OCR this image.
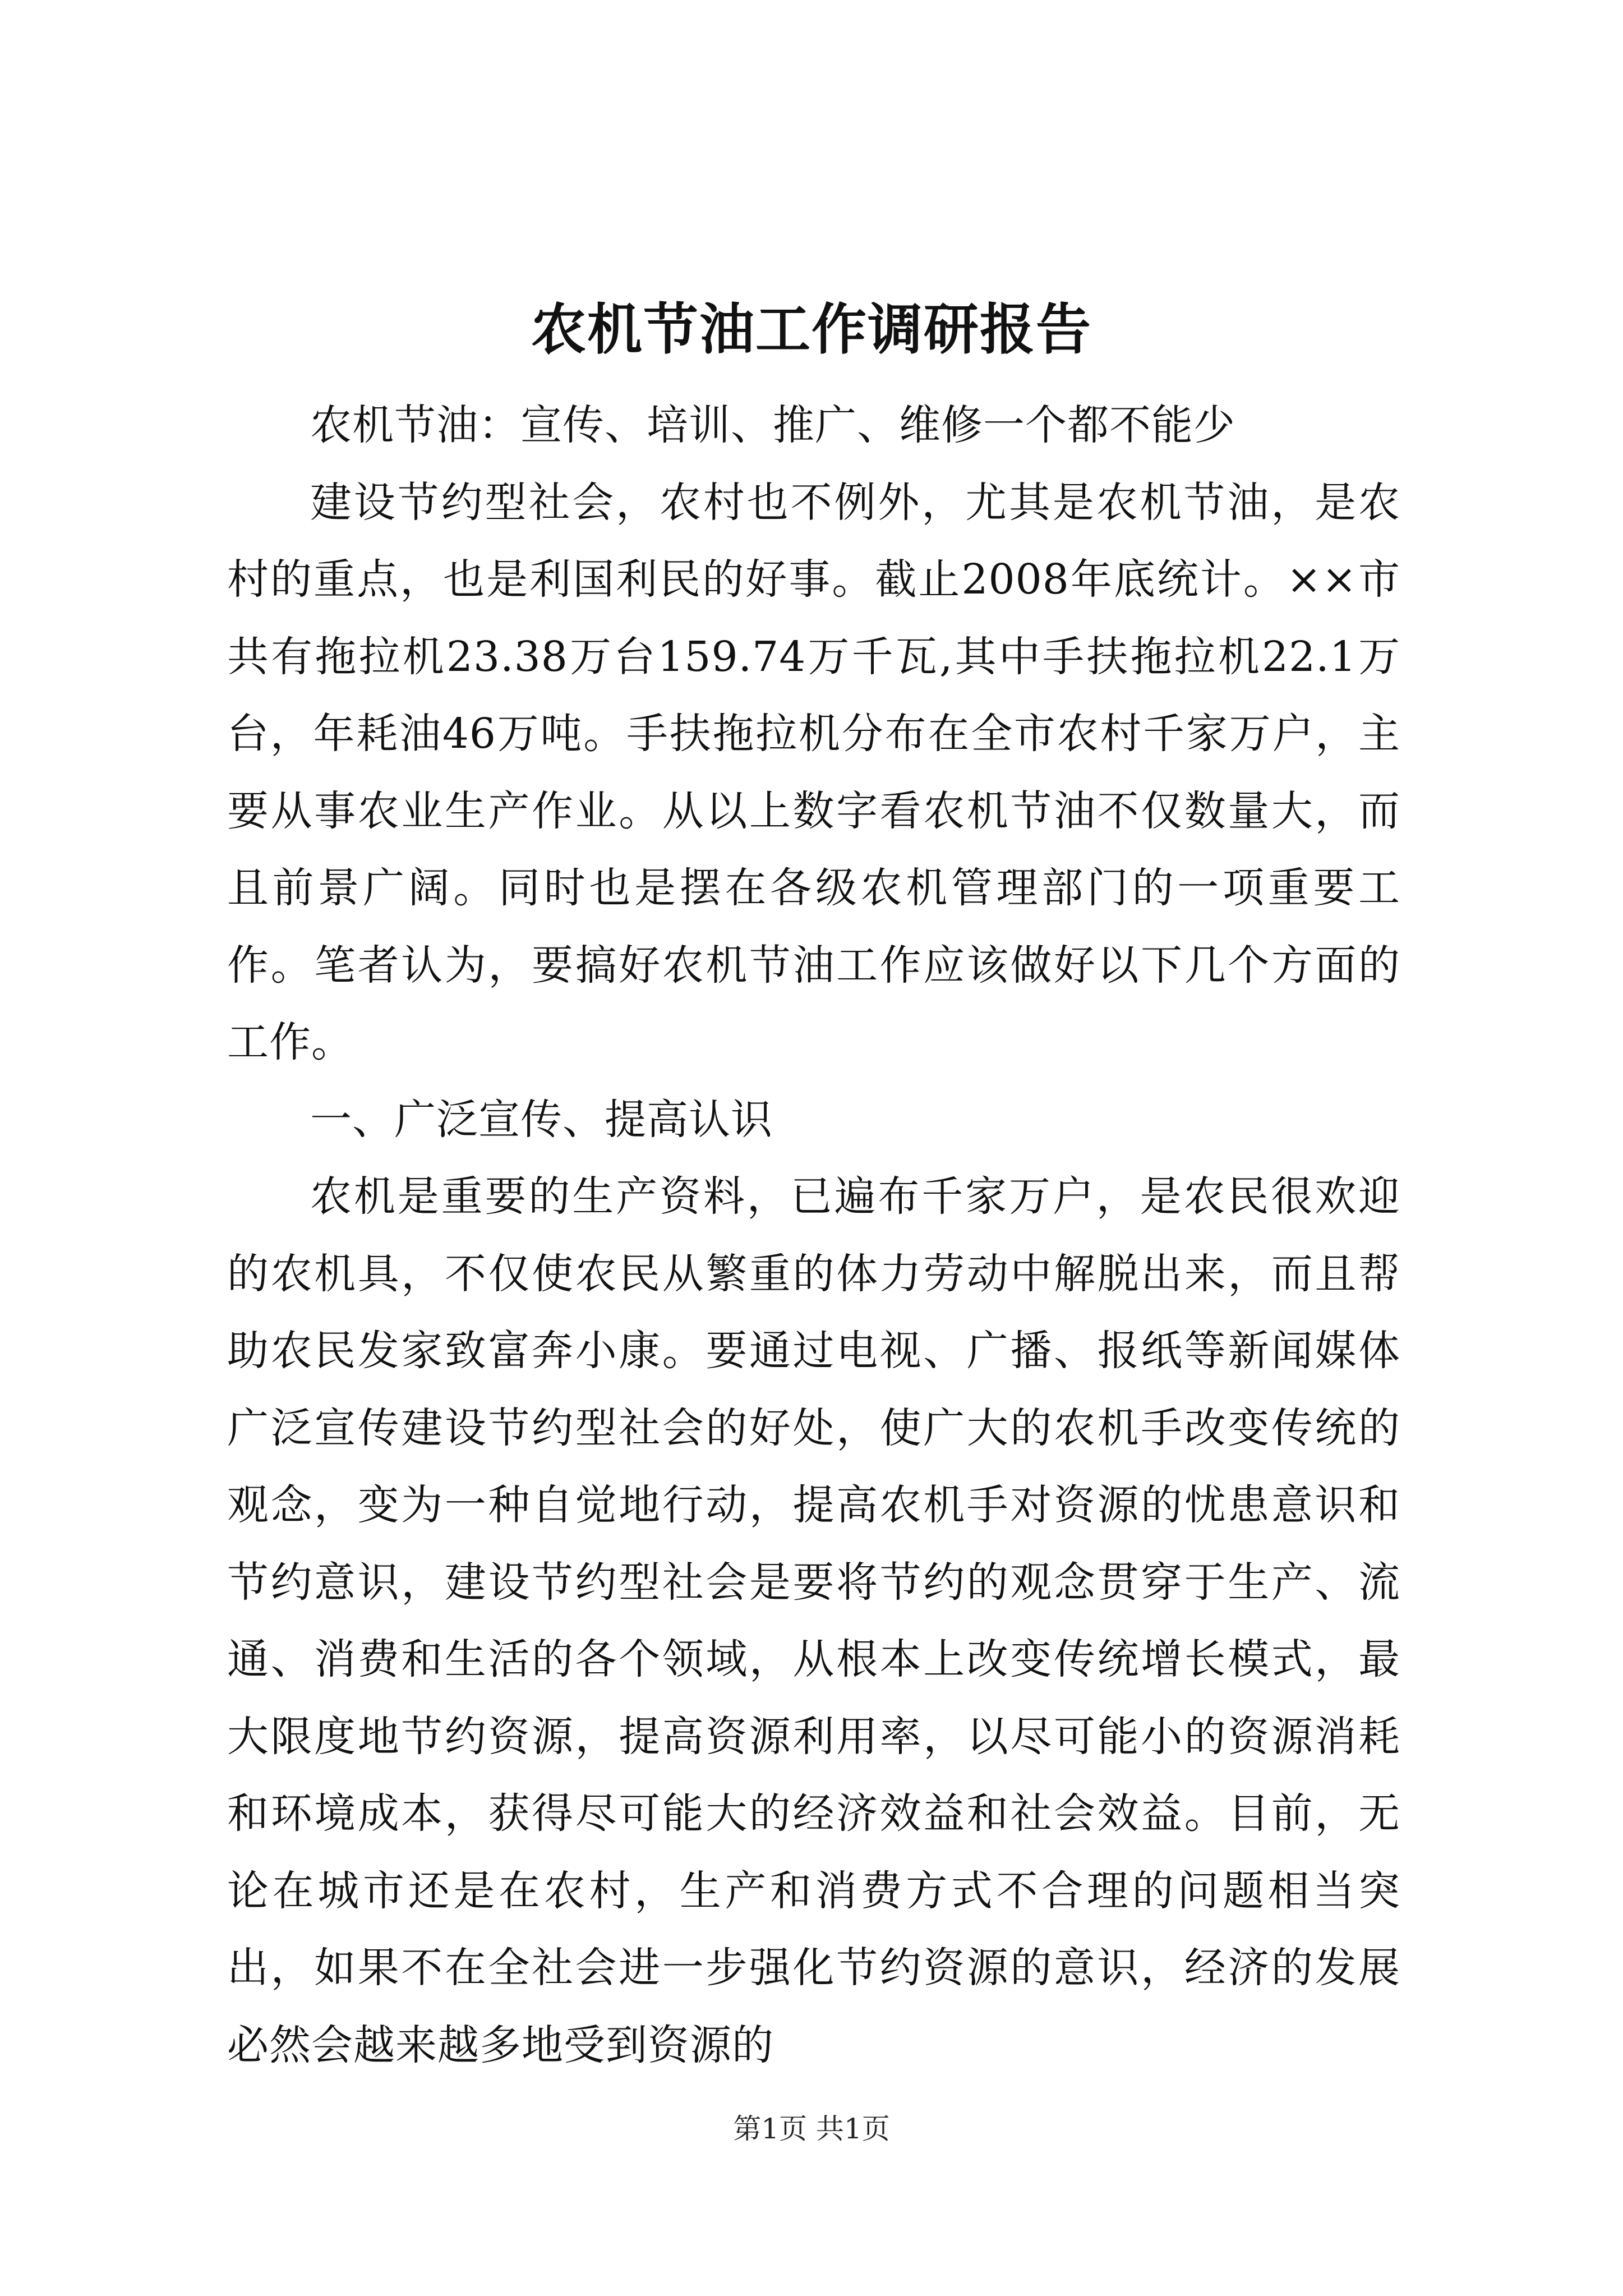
农机节油工作调研报告

农机节油：宣传、培训、推广、维修一个都不能少

建设节约型社会，农村也不例外，尤其是农机节油，是农村的重点，也是利国利民的好事。截止2008年底统计。××市共有拖拉机23.38万台159.74万千瓦,其中手扶拖拉机22.1万台，年耗油46万吨。手扶拖拉机分布在全市农村千家万户，主要从事农业生产作业。从以上数字看农机节油不仅数量大，而且前景广阔。同时也是摆在各级农机管理部门的一项重要工作。笔者认为，要搞好农机节油工作应该做好以下几个方面的工作。

一、广泛宣传、提高认识

农机是重要的生产资料，已遍布千家万户，是农民很欢迎的农机具，不仅使农民从繁重的体力劳动中解脱出来，而且帮助农民发家致富奔小康。要通过电视、广播、报纸等新闻媒体广泛宣传建设节约型社会的好处，使广大的农机手改变传统的观念，变为一种自觉地行动，提高农机手对资源的忧患意识和节约意识，建设节约型社会是要将节约的观念贯穿于生产、流通、消费和生活的各个领域，从根本上改变传统增长模式，最大限度地节约资源，提高资源利用率，以尽可能小的资源消耗和环境成本，获得尽可能大的经济效益和社会效益。目前，无论在城市还是在农村，生产和消费方式不合理的问题相当突出，如果不在全社会进一步强化节约资源的意识，经济的发展必然会越来越多地受到资源的

第1页 共1页
